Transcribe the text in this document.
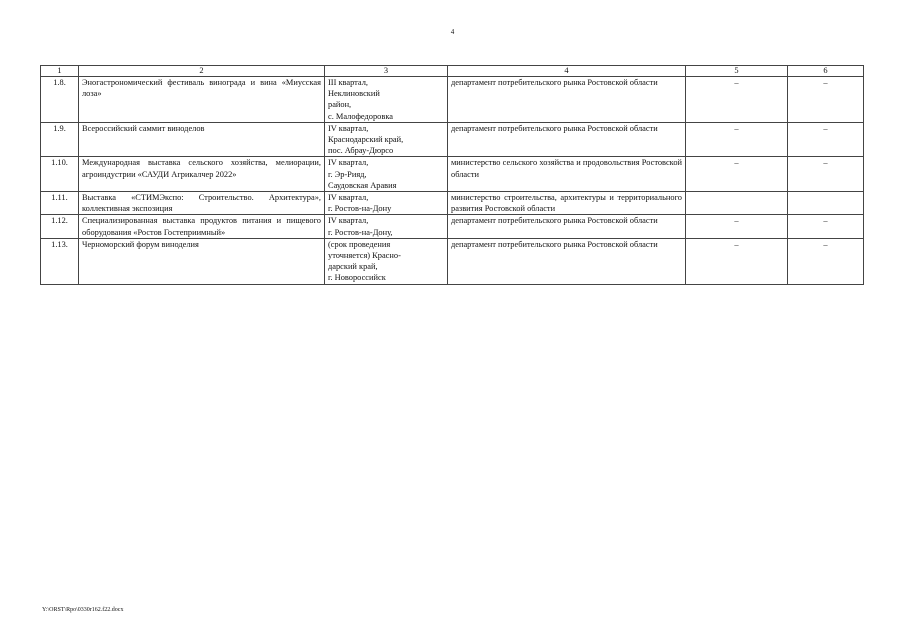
4
1	2	3	4	5	6
1.8.	Эногастрономический фестиваль винограда и вина «Миусская лоза»	III квартал,
Неклиновский
район,
с. Малофедоровка	департамент потребительского рынка Ростовской области	–	–
1.9.	Всероссийский саммит виноделов	IV квартал,
Краснодарский край,
пос. Абрау-Дюрсо	департамент потребительского рынка Ростовской области	–	–
1.10.	Международная выставка сельского хозяйства, мелиорации, агроиндустрии «САУДИ Агрикалчер 2022»	IV квартал,
г. Эр-Рияд,
Саудовская Аравия	министерство сельского хозяйства и продовольствия Ростовской области	–	–
1.11.	Выставка «СТИМЭкспо: Строительство. Архитектура», коллективная экспозиция	IV квартал,
г. Ростов-на-Дону	министерство строительства, архитектуры и территориального развития Ростовской области		
1.12.	Специализированная выставка продуктов питания и пищевого оборудования «Ростов Гостеприимный»	IV квартал,
г. Ростов-на-Дону,	департамент потребительского рынка Ростовской области	–	–
1.13.	Черноморский форум виноделия	(срок проведения
уточняется) Красно-
дарский край,
г. Новороссийск	департамент потребительского рынка Ростовской области	–	–
Y:\ORST\Rpo\0330r162.f22.docx
